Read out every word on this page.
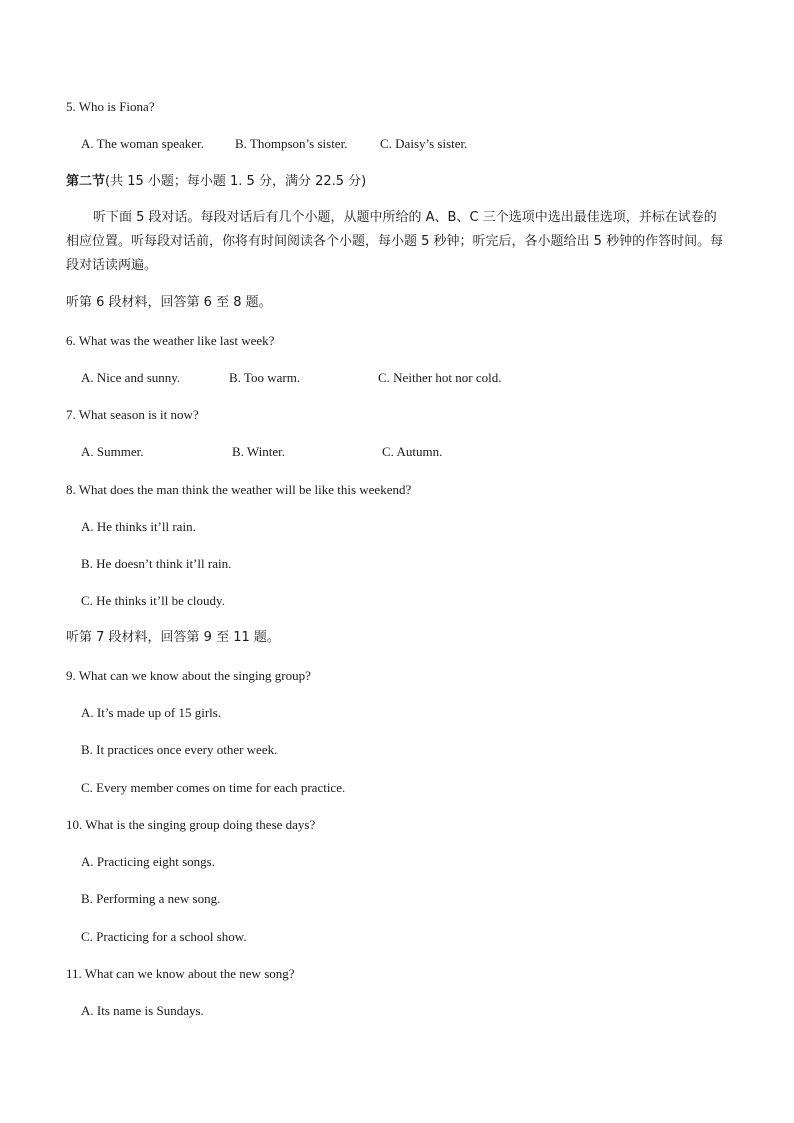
5. Who is Fiona?
A. The woman speaker. B. Thompson’s sister.	C. Daisy’s sister.
第二节(共 15 小题；每小题 1. 5 分，满分 22.5 分)
听下面 5 段对话。每段对话后有几个小题，从题中所给的 A、B、C 三个选项中选出最佳选项，并标在试卷的相应位置。听每段对话前，你将有时间阅读各个小题，每小题 5 秒钟；听完后，各小题给出 5 秒钟的作答时间。每段对话读两遍。
听第 6 段材料，回答第 6 至 8 题。
6. What was the weather like last week?
A. Nice and sunny.	B. Too warm.	C. Neither hot nor cold.
7. What season is it now?
A. Summer.	B. Winter.	C. Autumn.
8. What does the man think the weather will be like this weekend?
A. He thinks it’ll rain.
B. He doesn’t think it’ll rain.
C. He thinks it’ll be cloudy.
听第 7 段材料，回答第 9 至 11 题。
9. What can we know about the singing group?
A. It’s made up of 15 girls.
B. It practices once every other week.
C. Every member comes on time for each practice.
10. What is the singing group doing these days?
A. Practicing eight songs.
B. Performing a new song.
C. Practicing for a school show.
11. What can we know about the new song?
A. Its name is Sundays.
